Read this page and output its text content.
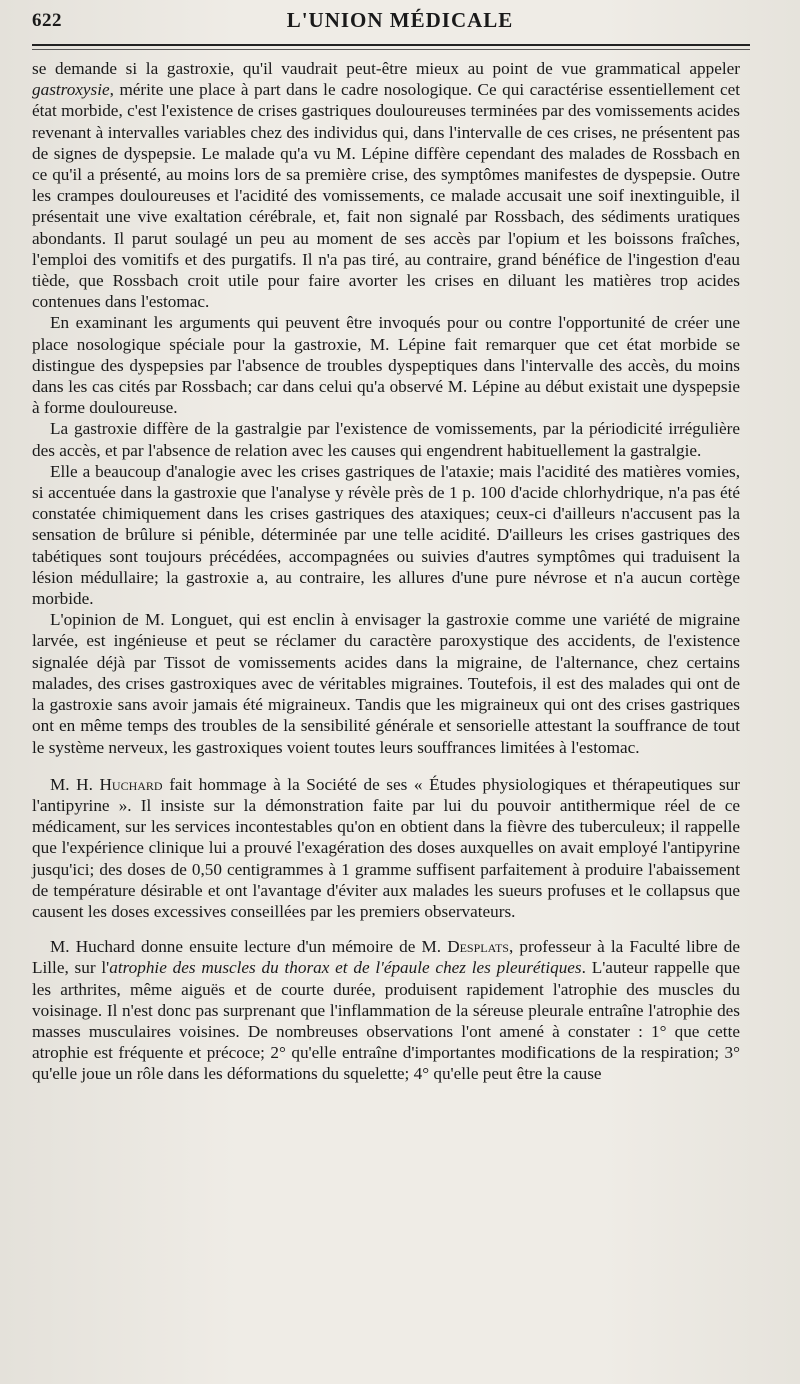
622	L'UNION MÉDICALE

se demande si la gastroxie, qu'il vaudrait peut-être mieux au point de vue grammatical appeler gastroxysie, mérite une place à part dans le cadre nosologique. Ce qui caractérise essentiellement cet état morbide, c'est l'existence de crises gastriques douloureuses terminées par des vomissements acides revenant à intervalles variables chez des individus qui, dans l'intervalle de ces crises, ne présentent pas de signes de dyspepsie. Le malade qu'a vu M. Lépine diffère cependant des malades de Rossbach en ce qu'il a présenté, au moins lors de sa première crise, des symptômes manifestes de dyspepsie. Outre les crampes douloureuses et l'acidité des vomissements, ce malade accusait une soif inextinguible, il présentait une vive exaltation cérébrale, et, fait non signalé par Rossbach, des sédiments uratiques abondants. Il parut soulagé un peu au moment de ses accès par l'opium et les boissons fraîches, l'emploi des vomitifs et des purgatifs. Il n'a pas tiré, au contraire, grand bénéfice de l'ingestion d'eau tiède, que Rossbach croit utile pour faire avorter les crises en diluant les matières trop acides contenues dans l'estomac.

En examinant les arguments qui peuvent être invoqués pour ou contre l'opportunité de créer une place nosologique spéciale pour la gastroxie, M. Lépine fait remarquer que cet état morbide se distingue des dyspepsies par l'absence de troubles dyspeptiques dans l'intervalle des accès, du moins dans les cas cités par Rossbach; car dans celui qu'a observé M. Lépine au début existait une dyspepsie à forme douloureuse.

La gastroxie diffère de la gastralgie par l'existence de vomissements, par la périodicité irrégulière des accès, et par l'absence de relation avec les causes qui engendrent habituellement la gastralgie.

Elle a beaucoup d'analogie avec les crises gastriques de l'ataxie; mais l'acidité des matières vomies, si accentuée dans la gastroxie que l'analyse y révèle près de 1 p. 100 d'acide chlorhydrique, n'a pas été constatée chimiquement dans les crises gastriques des ataxiques; ceux-ci d'ailleurs n'accusent pas la sensation de brûlure si pénible, déterminée par une telle acidité. D'ailleurs les crises gastriques des tabétiques sont toujours précédées, accompagnées ou suivies d'autres symptômes qui traduisent la lésion médullaire; la gastroxie a, au contraire, les allures d'une pure névrose et n'a aucun cortège morbide.

L'opinion de M. Longuet, qui est enclin à envisager la gastroxie comme une variété de migraine larvée, est ingénieuse et peut se réclamer du caractère paroxystique des accidents, de l'existence signalée déjà par Tissot de vomissements acides dans la migraine, de l'alternance, chez certains malades, des crises gastroxiques avec de véritables migraines. Toutefois, il est des malades qui ont de la gastroxie sans avoir jamais été migraineux. Tandis que les migraineux qui ont des crises gastriques ont en même temps des troubles de la sensibilité générale et sensorielle attestant la souffrance de tout le système nerveux, les gastroxiques voient toutes leurs souffrances limitées à l'estomac.

M. H. Huchard fait hommage à la Société de ses « Études physiologiques et thérapeutiques sur l'antipyrine ». Il insiste sur la démonstration faite par lui du pouvoir antithermique réel de ce médicament, sur les services incontestables qu'on en obtient dans la fièvre des tuberculeux; il rappelle que l'expérience clinique lui a prouvé l'exagération des doses auxquelles on avait employé l'antipyrine jusqu'ici; des doses de 0,50 centigrammes à 1 gramme suffisent parfaitement à produire l'abaissement de température désirable et ont l'avantage d'éviter aux malades les sueurs profuses et le collapsus que causent les doses excessives conseillées par les premiers observateurs.

M. Huchard donne ensuite lecture d'un mémoire de M. Desplats, professeur à la Faculté libre de Lille, sur l'atrophie des muscles du thorax et de l'épaule chez les pleurétiques. L'auteur rappelle que les arthrites, même aiguës et de courte durée, produisent rapidement l'atrophie des muscles du voisinage. Il n'est donc pas surprenant que l'inflammation de la séreuse pleurale entraîne l'atrophie des masses musculaires voisines. De nombreuses observations l'ont amené à constater : 1° que cette atrophie est fréquente et précoce; 2° qu'elle entraîne d'importantes modifications de la respiration; 3° qu'elle joue un rôle dans les déformations du squelette; 4° qu'elle peut être la cause
